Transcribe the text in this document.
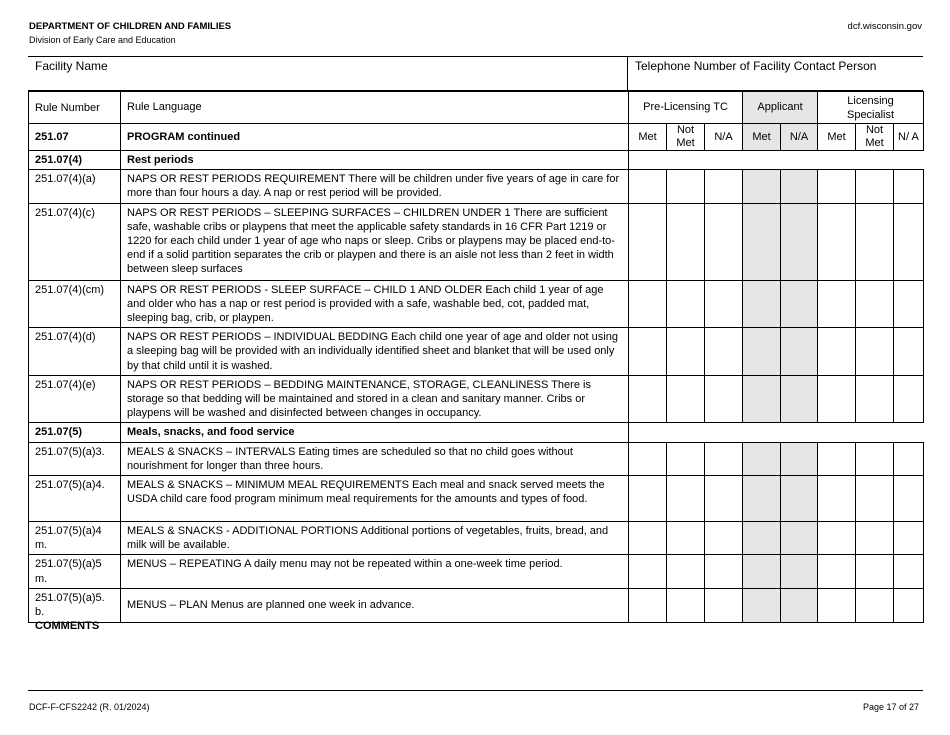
DEPARTMENT OF CHILDREN AND FAMILIES
Division of Early Care and Education
dcf.wisconsin.gov
Facility Name	Telephone Number of Facility Contact Person
Rule Number	Rule Language	Pre-Licensing TC			Applicant		Licensing Specialist		
251.07	PROGRAM continued	Met	Not Met	N/A	Met	N/A	Met	Not Met	N/ A
251.07(4)	Rest periods								
251.07(4)(a)	NAPS OR REST PERIODS REQUIREMENT There will be children under five years of age in care for more than four hours a day. A nap or rest period will be provided.								
251.07(4)(c)	NAPS OR REST PERIODS – SLEEPING SURFACES – CHILDREN UNDER 1 There are sufficient safe, washable cribs or playpens that meet the applicable safety standards in 16 CFR Part 1219 or 1220 for each child under 1 year of age who naps or sleep. Cribs or playpens may be placed end-to-end if a solid partition separates the crib or playpen and there is an aisle not less than 2 feet in width between sleep surfaces								
251.07(4)(cm)	NAPS OR REST PERIODS - SLEEP SURFACE – CHILD 1 AND OLDER Each child 1 year of age and older who has a nap or rest period is provided with a safe, washable bed, cot, padded mat, sleeping bag, crib, or playpen.								
251.07(4)(d)	NAPS OR REST PERIODS – INDIVIDUAL BEDDING Each child one year of age and older not using a sleeping bag will be provided with an individually identified sheet and blanket that will be used only by that child until it is washed.								
251.07(4)(e)	NAPS OR REST PERIODS – BEDDING MAINTENANCE, STORAGE, CLEANLINESS There is storage so that bedding will be maintained and stored in a clean and sanitary manner. Cribs or playpens will be washed and disinfected between changes in occupancy.								
251.07(5)	Meals, snacks, and food service								
251.07(5)(a)3.	MEALS & SNACKS – INTERVALS Eating times are scheduled so that no child goes without nourishment for longer than three hours.								
251.07(5)(a)4.	MEALS & SNACKS – MINIMUM MEAL REQUIREMENTS Each meal and snack served meets the USDA child care food program minimum meal requirements for the amounts and types of food.								
251.07(5)(a)4 m.	MEALS & SNACKS - ADDITIONAL PORTIONS Additional portions of vegetables, fruits, bread, and milk will be available.								
251.07(5)(a)5 m.	MENUS – REPEATING A daily menu may not be repeated within a one-week time period.								
251.07(5)(a)5. b.	MENUS – PLAN Menus are planned one week in advance.								
COMMENTS
DCF-F-CFS2242 (R. 01/2024)	Page 17 of 27
